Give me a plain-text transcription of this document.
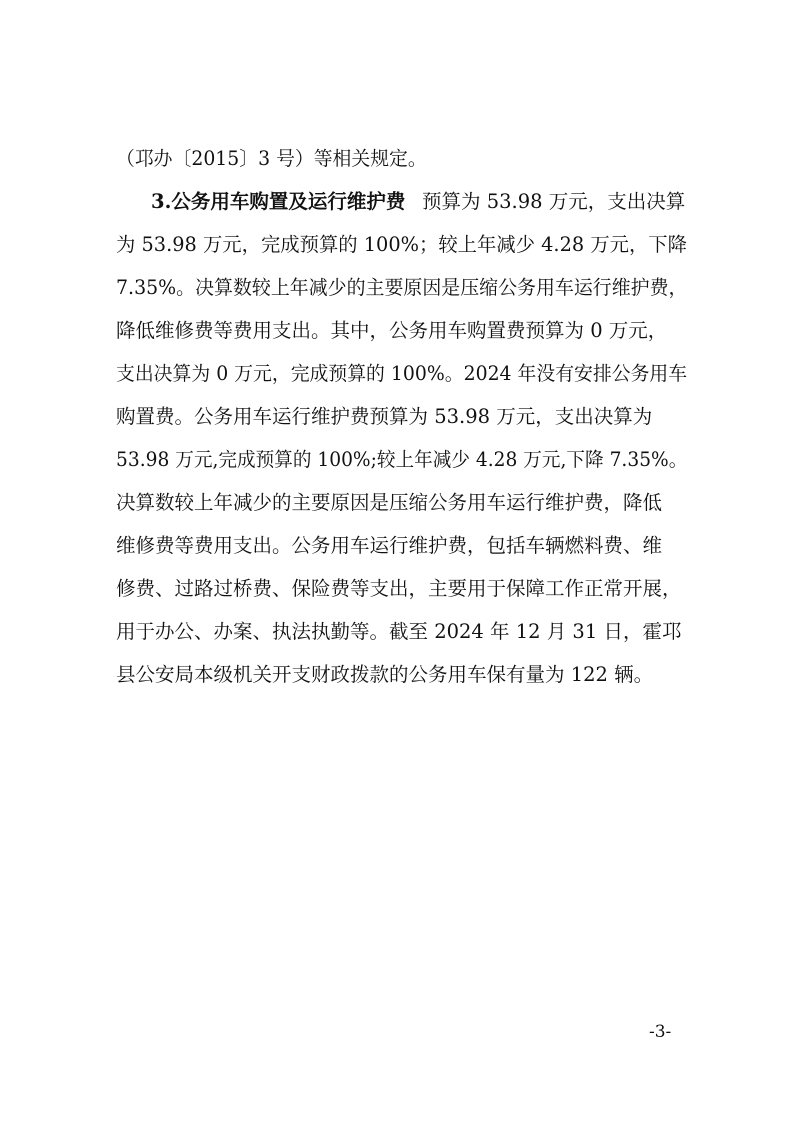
（邛办〔2015〕3 号）等相关规定。
3.公务用车购置及运行维护费 预算为 53.98 万元，支出决算
为 53.98 万元，完成预算的 100%；较上年减少 4.28 万元，下降
7.35%。决算数较上年减少的主要原因是压缩公务用车运行维护费，
降低维修费等费用支出。其中，公务用车购置费预算为 0 万元，
支出决算为 0 万元，完成预算的 100%。2024 年没有安排公务用车
购置费。公务用车运行维护费预算为 53.98 万元，支出决算为
53.98 万元,完成预算的 100%;较上年减少 4.28 万元,下降 7.35%。
决算数较上年减少的主要原因是压缩公务用车运行维护费，降低
维修费等费用支出。公务用车运行维护费，包括车辆燃料费、维
修费、过路过桥费、保险费等支出，主要用于保障工作正常开展，
用于办公、办案、执法执勤等。截至 2024 年 12 月 31 日，霍邛
县公安局本级机关开支财政拨款的公务用车保有量为 122 辆。
-3-
